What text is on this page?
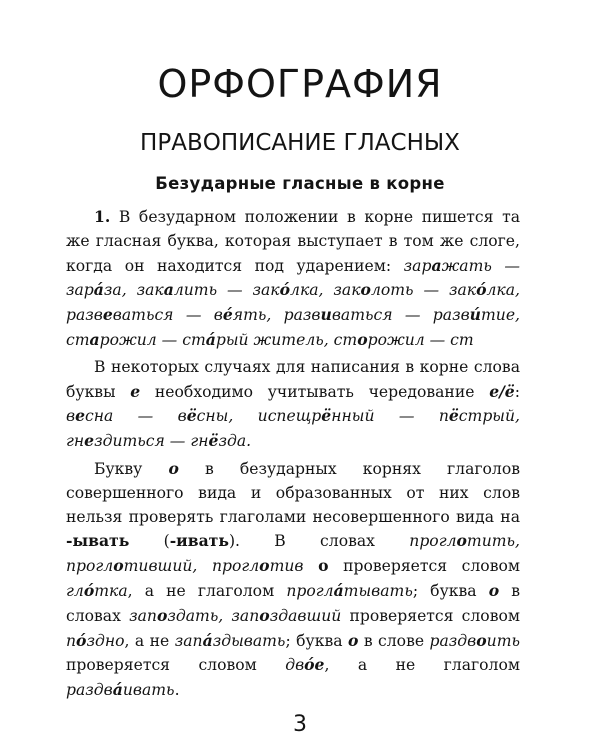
ОРФОГРАФИЯ
ПРАВОПИСАНИЕ ГЛАСНЫХ
Безударные гласные в корне

1. В безударном положении в корне пишется та же гласная буква, которая выступает в том же слоге, когда он находится под ударением: заражать — зарáза, закалить — закóлка, заколоть — закóлка, развеваться — вéять, развиваться — разви́тие, старожил — стáрый житель, сторожил — ст

В некоторых случаях для написания в корне слова буквы е необходимо учитывать чередование е/ё: весна — вёсны, испещрённый — пёстрый, гнездиться — гнёзда.

Букву о в безударных корнях глаголов совершенного вида и образованных от них слов нельзя проверять глаголами несовершенного вида на -ывать (-ивать). В словах проглотить, проглотивший, проглотив о проверяется словом глóтка, а не глаголом проглáтывать; буква о в словах запоздать, запоздавший проверяется словом пóздно, а не запáздывать; буква о в слове раздвоить проверяется словом двóе, а не глаголом раздвáивать.

3
